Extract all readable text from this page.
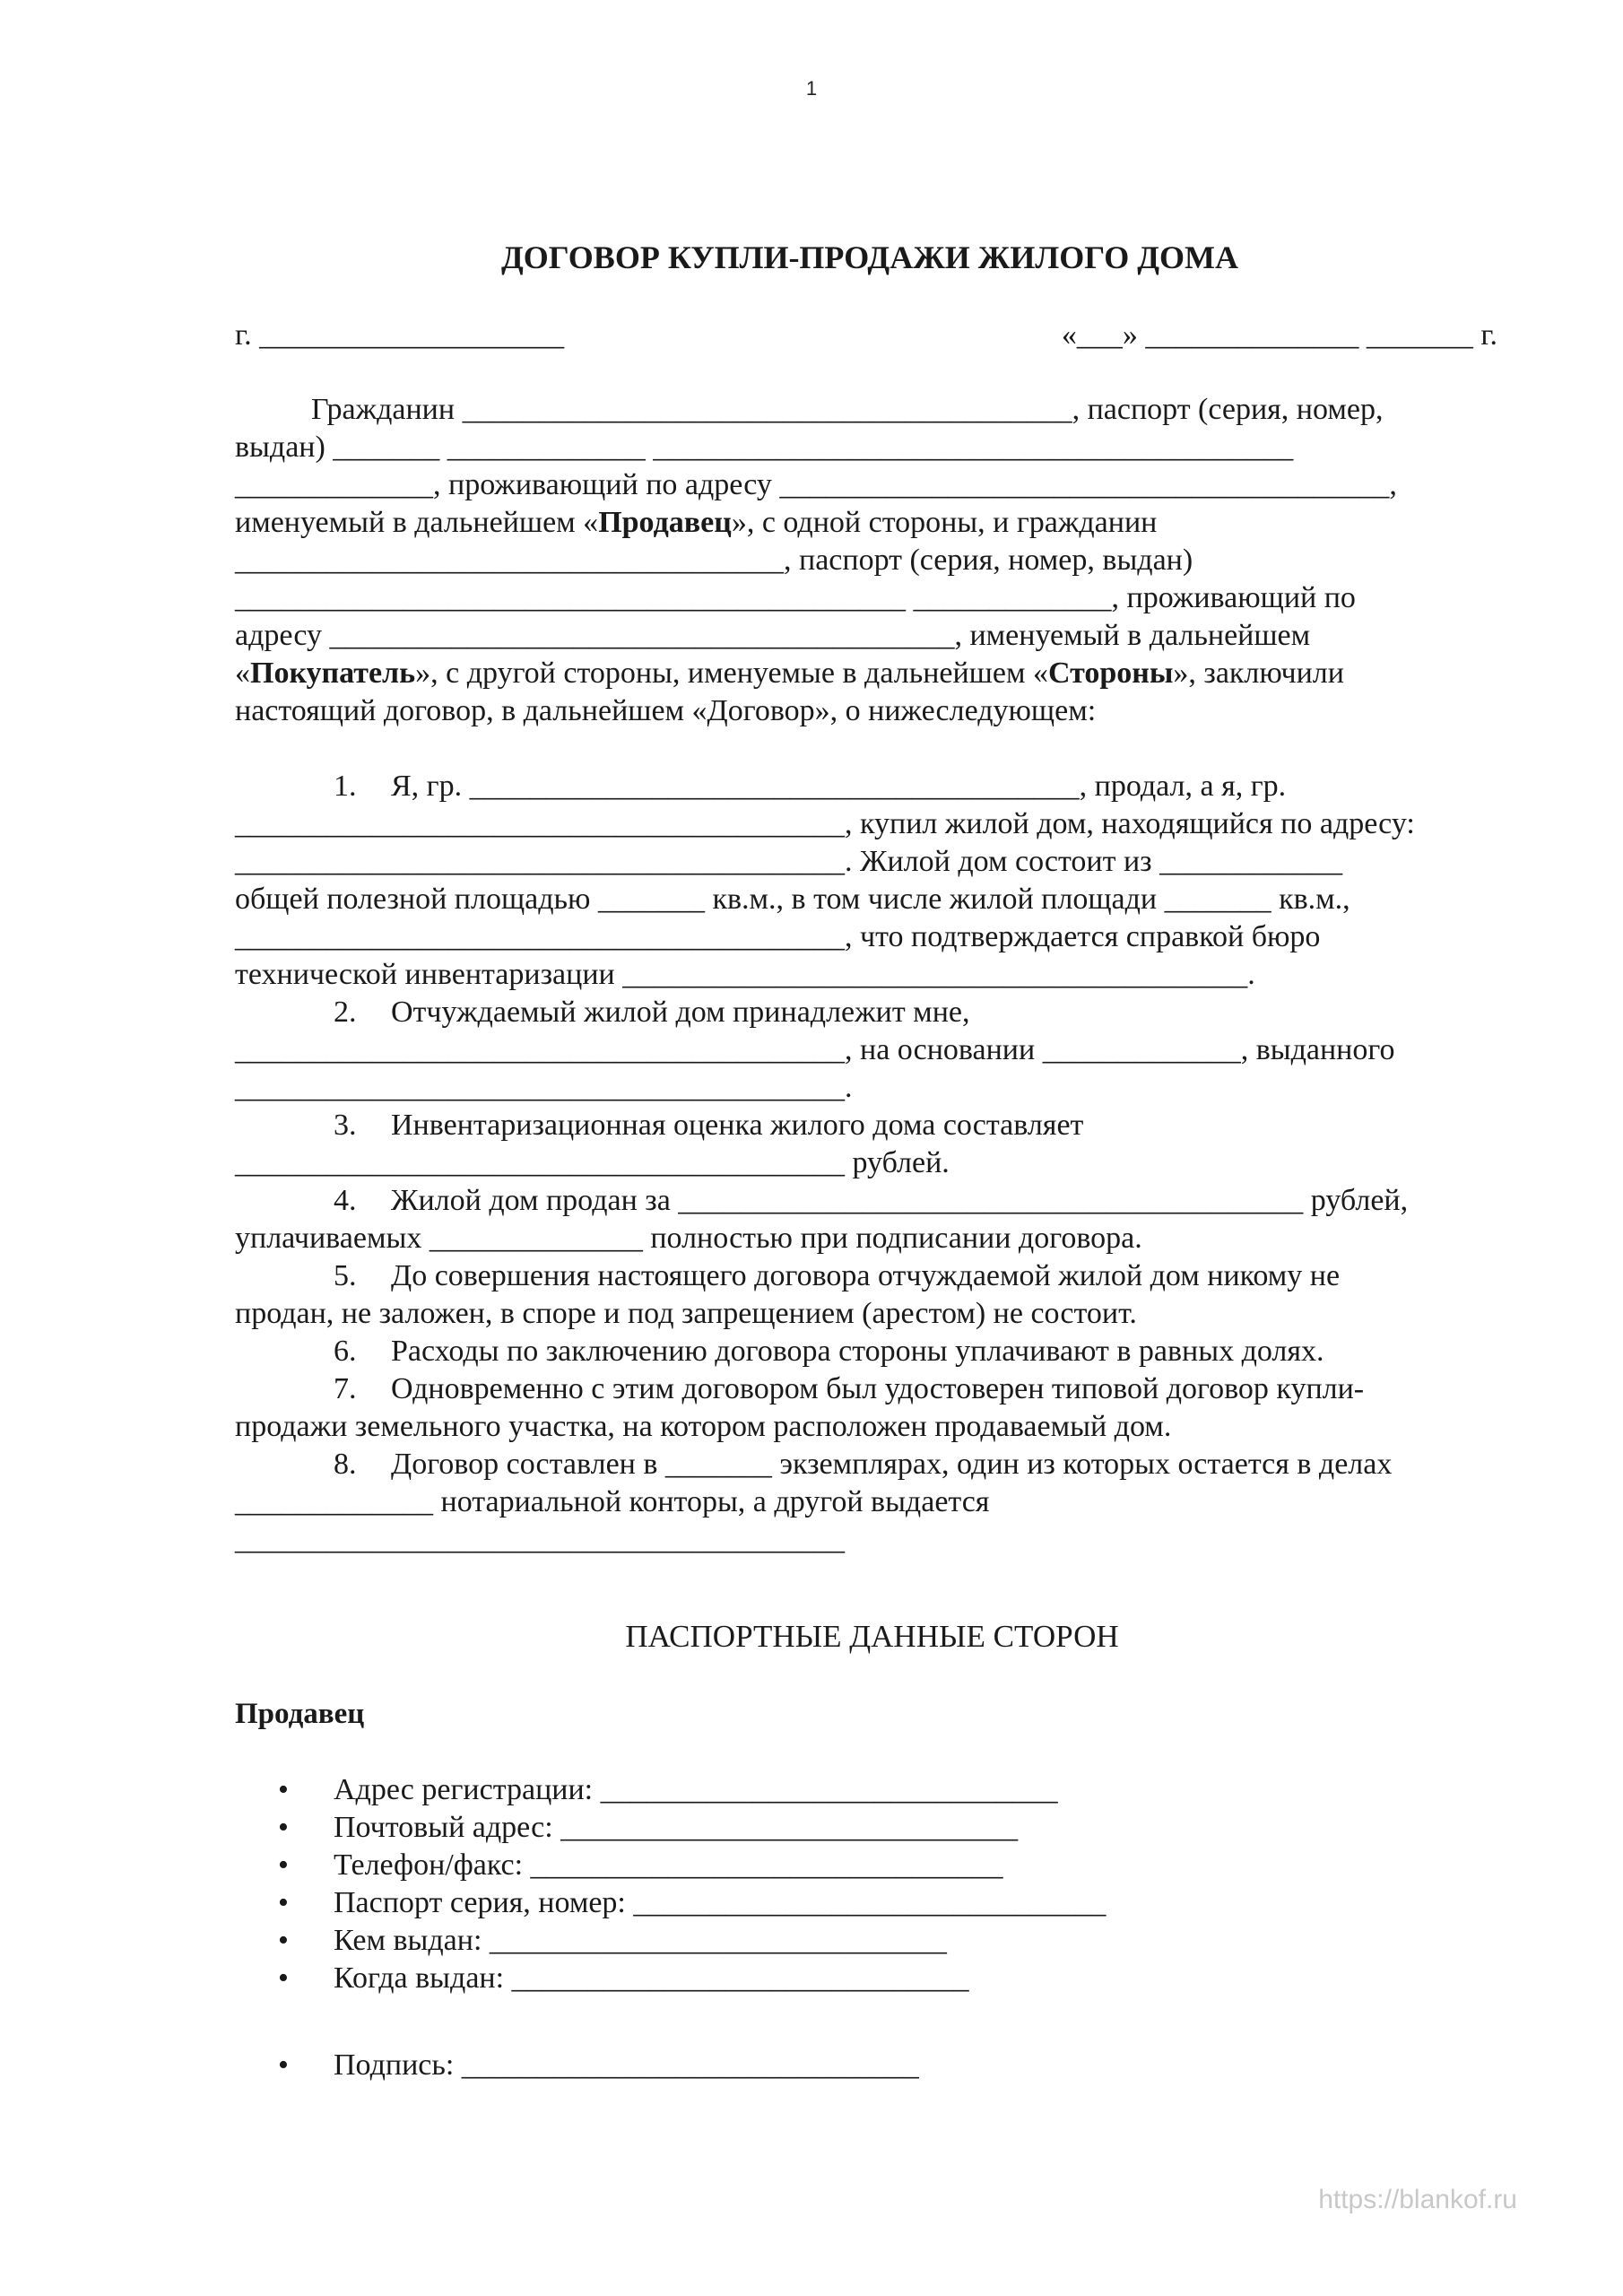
1
ДОГОВОР КУПЛИ-ПРОДАЖИ ЖИЛОГО ДОМА
г. ____________________	«___» ______________ _______ г.
Гражданин ________________________________________, паспорт (серия, номер,
выдан) _______ _____________ __________________________________________
_____________, проживающий по адресу ________________________________________,
именуемый в дальнейшем «Продавец», с одной стороны, и гражданин
____________________________________, паспорт (серия, номер, выдан)
____________________________________________ _____________, проживающий по
адресу _________________________________________, именуемый в дальнейшем
«Покупатель», с другой стороны, именуемые в дальнейшем «Стороны», заключили
настоящий договор, в дальнейшем «Договор», о нижеследующем:
1. Я, гр. ________________________________________, продал, а я, гр.
________________________________________, купил жилой дом, находящийся по адресу:
________________________________________. Жилой дом состоит из ____________
общей полезной площадью _______ кв.м., в том числе жилой площади _______ кв.м.,
________________________________________, что подтверждается справкой бюро
технической инвентаризации _________________________________________.
2. Отчуждаемый жилой дом принадлежит мне,
________________________________________, на основании _____________, выданного
________________________________________.
3. Инвентаризационная оценка жилого дома составляет
________________________________________ рублей.
4. Жилой дом продан за _________________________________________ рублей,
уплачиваемых ______________ полностью при подписании договора.
5. До совершения настоящего договора отчуждаемой жилой дом никому не
продан, не заложен, в споре и под запрещением (арестом) не состоит.
6. Расходы по заключению договора стороны уплачивают в равных долях.
7. Одновременно с этим договором был удостоверен типовой договор купли-
продажи земельного участка, на котором расположен продаваемый дом.
8. Договор составлен в _______ экземплярах, один из которых остается в делах
_____________ нотариальной конторы, а другой выдается
________________________________________
ПАСПОРТНЫЕ ДАННЫЕ СТОРОН
Продавец
• Адрес регистрации: ______________________________
• Почтовый адрес: ______________________________
• Телефон/факс: _______________________________
• Паспорт серия, номер: _______________________________
• Кем выдан: ______________________________
• Когда выдан: ______________________________
• Подпись: ______________________________
https://blankof.ru
